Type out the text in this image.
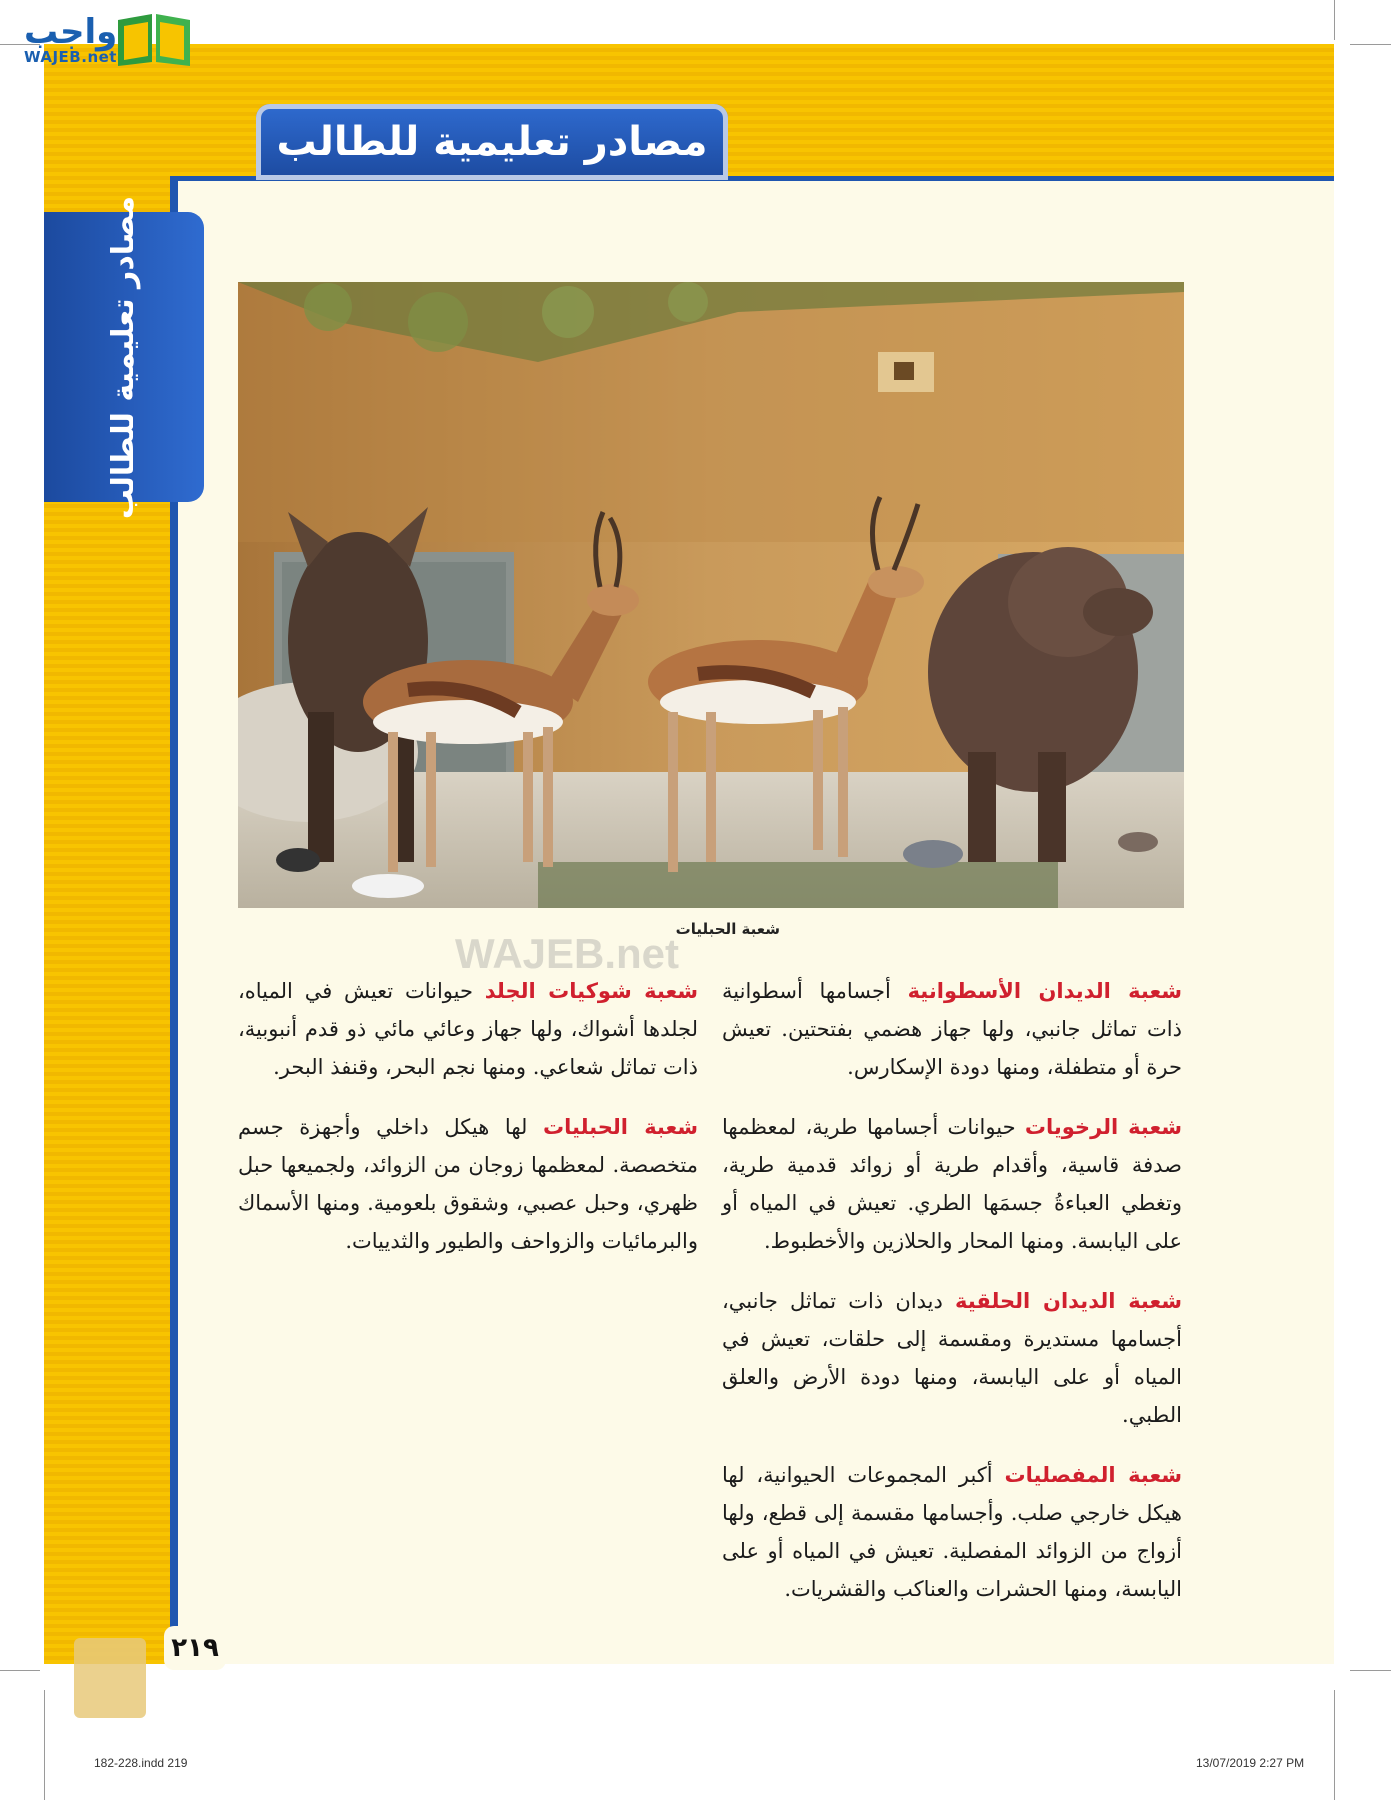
واجب
WAJEB.net
مصادر تعليمية للطالب
مصادر تعليمية للطالب
شعبة الحبليات
WAJEB.net

شعبة الديدان الأسطوانية أجسامها أسطوانية ذات تماثل جانبي، ولها جهاز هضمي بفتحتين. تعيش حرة أو متطفلة، ومنها دودة الإسكارس.

شعبة الرخويات حيوانات أجسامها طرية، لمعظمها صدفة قاسية، وأقدام طرية أو زوائد قدمية طرية، وتغطي العباءةُ جسمَها الطري. تعيش في المياه أو على اليابسة. ومنها المحار والحلازين والأخطبوط.

شعبة الديدان الحلقية ديدان ذات تماثل جانبي، أجسامها مستديرة ومقسمة إلى حلقات، تعيش في المياه أو على اليابسة، ومنها دودة الأرض والعلق الطبي.

شعبة المفصليات أكبر المجموعات الحيوانية، لها هيكل خارجي صلب. وأجسامها مقسمة إلى قطع، ولها أزواج من الزوائد المفصلية. تعيش في المياه أو على اليابسة، ومنها الحشرات والعناكب والقشريات.

شعبة شوكيات الجلد حيوانات تعيش في المياه، لجلدها أشواك، ولها جهاز وعائي مائي ذو قدم أنبوبية، ذات تماثل شعاعي. ومنها نجم البحر، وقنفذ البحر.

شعبة الحبليات لها هيكل داخلي وأجهزة جسم متخصصة. لمعظمها زوجان من الزوائد، ولجميعها حبل ظهري، وحبل عصبي، وشقوق بلعومية. ومنها الأسماك والبرمائيات والزواحف والطيور والثدييات.

٢١٩
182-228.indd 219	13/07/2019 2:27 PM
